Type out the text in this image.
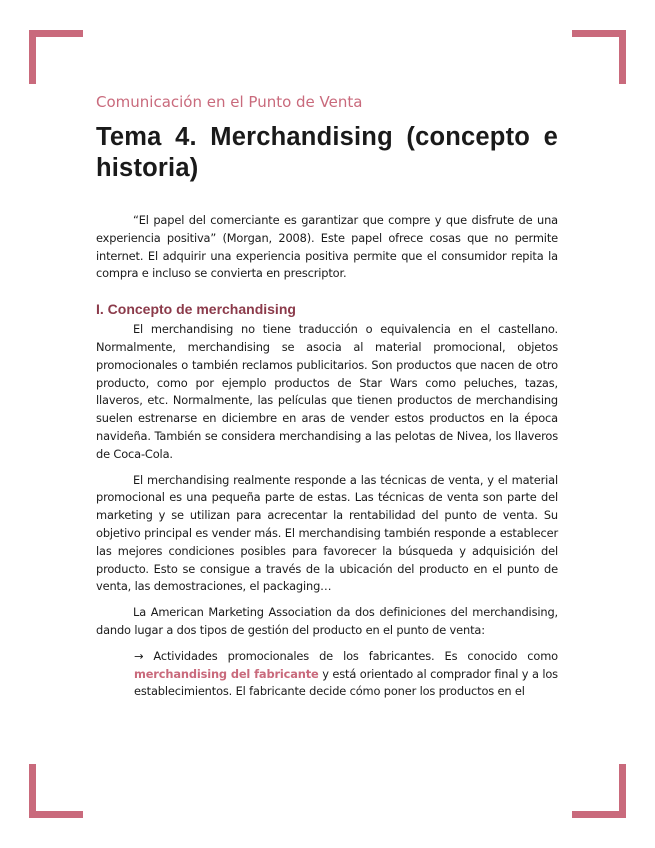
Comunicación en el Punto de Venta
Tema 4. Merchandising (concepto e historia)

“El papel del comerciante es garantizar que compre y que disfrute de una experiencia positiva” (Morgan, 2008). Este papel ofrece cosas que no permite internet. El adquirir una experiencia positiva permite que el consumidor repita la compra e incluso se convierta en prescriptor.

I. Concepto de merchandising

El merchandising no tiene traducción o equivalencia en el castellano. Normalmente, merchandising se asocia al material promocional, objetos promocionales o también reclamos publicitarios. Son productos que nacen de otro producto, como por ejemplo productos de Star Wars como peluches, tazas, llaveros, etc. Normalmente, las películas que tienen productos de merchandising suelen estrenarse en diciembre en aras de vender estos productos en la época navideña. También se considera merchandising a las pelotas de Nivea, los llaveros de Coca-Cola.

El merchandising realmente responde a las técnicas de venta, y el material promocional es una pequeña parte de estas. Las técnicas de venta son parte del marketing y se utilizan para acrecentar la rentabilidad del punto de venta. Su objetivo principal es vender más. El merchandising también responde a establecer las mejores condiciones posibles para favorecer la búsqueda y adquisición del producto. Esto se consigue a través de la ubicación del producto en el punto de venta, las demostraciones, el packaging…

La American Marketing Association da dos definiciones del merchandising, dando lugar a dos tipos de gestión del producto en el punto de venta:

→ Actividades promocionales de los fabricantes. Es conocido como merchandising del fabricante y está orientado al comprador final y a los establecimientos. El fabricante decide cómo poner los productos en el
